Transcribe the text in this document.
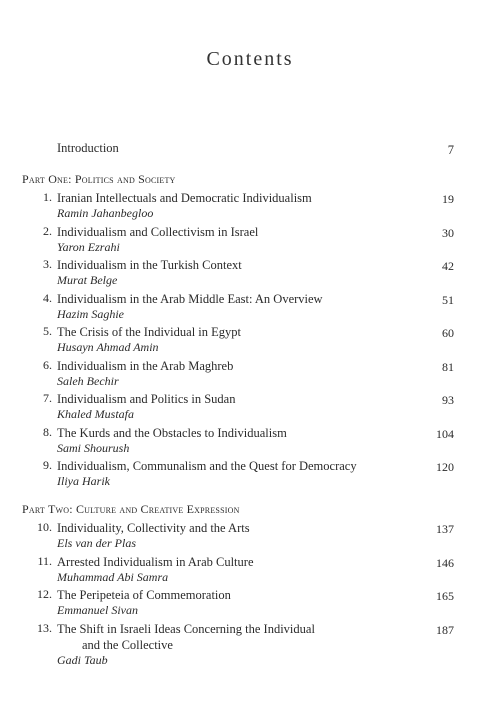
Contents
Introduction	7
Part One: Politics and Society
1. Iranian Intellectuals and Democratic Individualism
Ramin Jahanbegloo
19
2. Individualism and Collectivism in Israel
Yaron Ezrahi
30
3. Individualism in the Turkish Context
Murat Belge
42
4. Individualism in the Arab Middle East: An Overview
Hazim Saghie
51
5. The Crisis of the Individual in Egypt
Husayn Ahmad Amin
60
6. Individualism in the Arab Maghreb
Saleh Bechir
81
7. Individualism and Politics in Sudan
Khaled Mustafa
93
8. The Kurds and the Obstacles to Individualism
Sami Shourush
104
9. Individualism, Communalism and the Quest for Democracy
Iliya Harik
120
Part Two: Culture and Creative Expression
10. Individuality, Collectivity and the Arts
Els van der Plas
137
11. Arrested Individualism in Arab Culture
Muhammad Abi Samra
146
12. The Peripeteia of Commemoration
Emmanuel Sivan
165
13. The Shift in Israeli Ideas Concerning the Individual
and the Collective
Gadi Taub
187
